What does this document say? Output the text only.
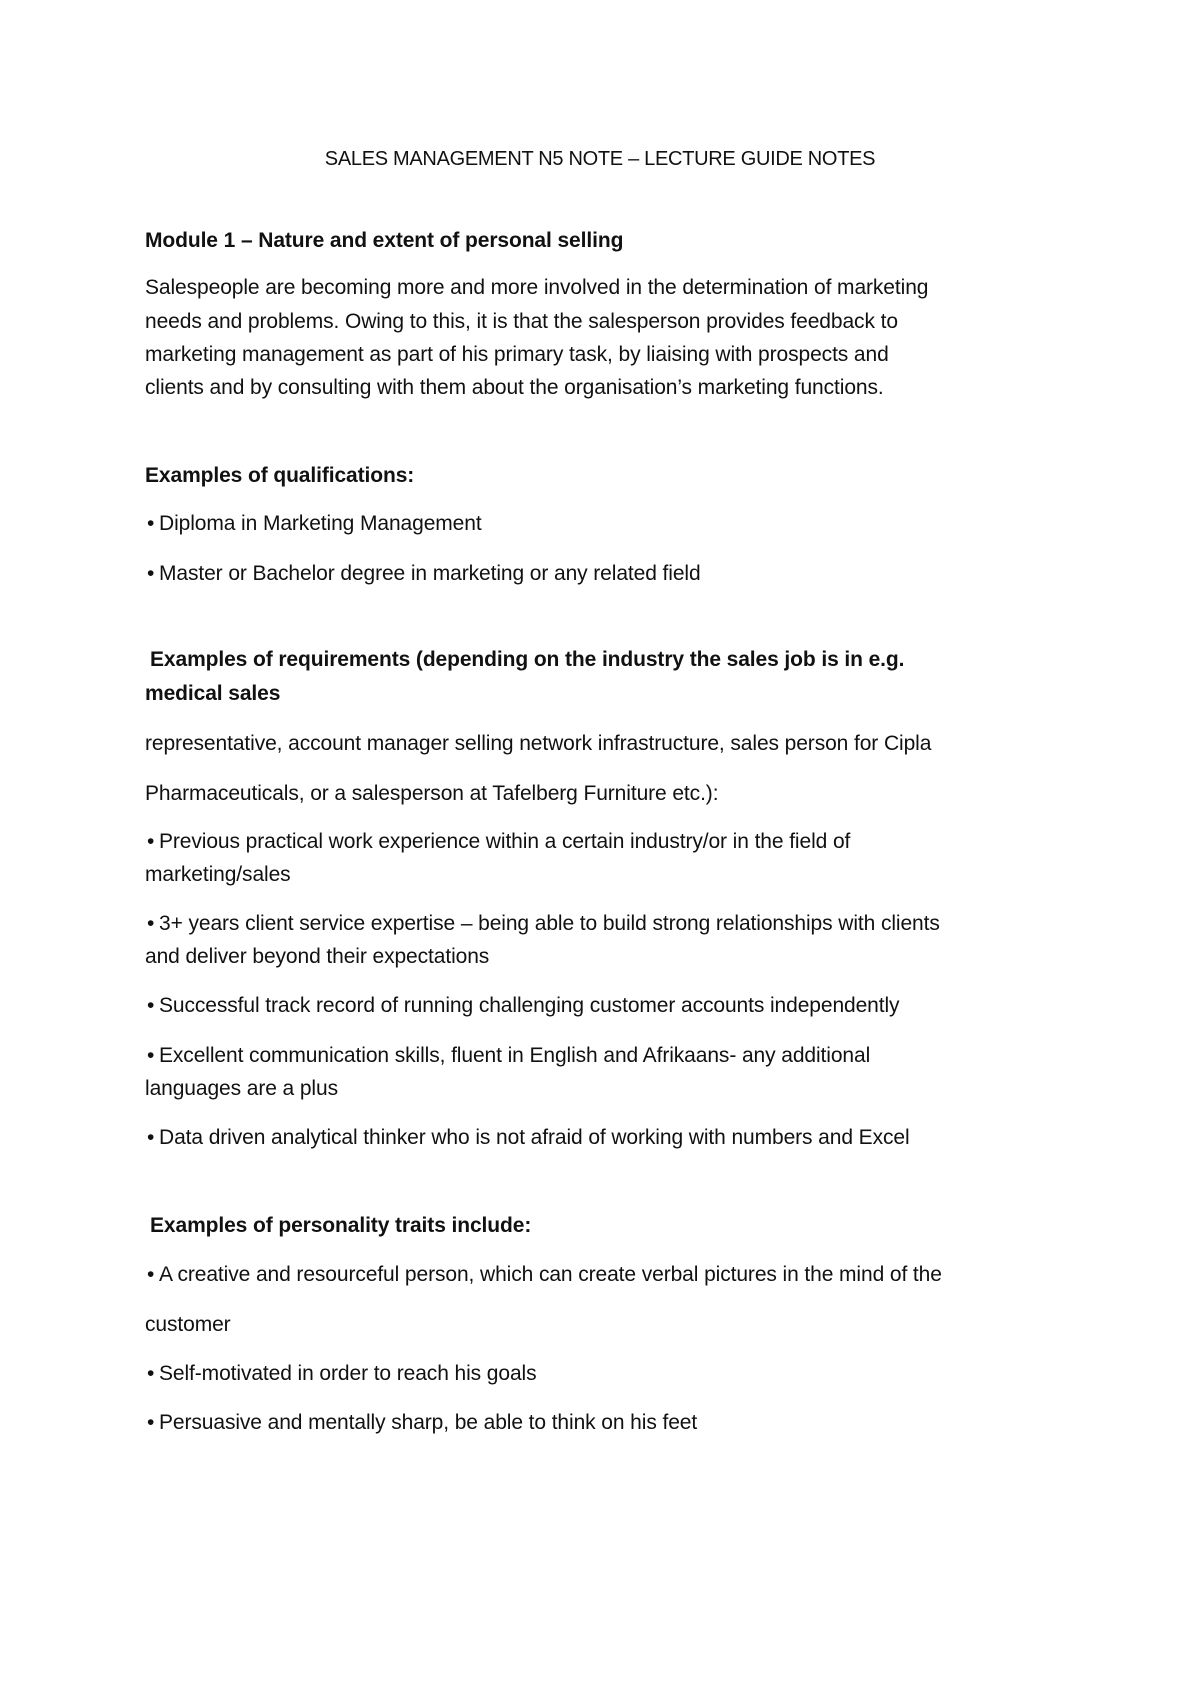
SALES MANAGEMENT N5 NOTE – LECTURE GUIDE NOTES
Module 1 – Nature and extent of personal selling
Salespeople are becoming more and more involved in the determination of marketing
needs and problems. Owing to this, it is that the salesperson provides feedback to
marketing management as part of his primary task, by liaising with prospects and
clients and by consulting with them about the organisation’s marketing functions.
Examples of qualifications:
• Diploma in Marketing Management
• Master or Bachelor degree in marketing or any related field
Examples of requirements (depending on the industry the sales job is in e.g.
medical sales
representative, account manager selling network infrastructure, sales person for Cipla
Pharmaceuticals, or a salesperson at Tafelberg Furniture etc.):
• Previous practical work experience within a certain industry/or in the field of
marketing/sales
• 3+ years client service expertise – being able to build strong relationships with clients
and deliver beyond their expectations
• Successful track record of running challenging customer accounts independently
• Excellent communication skills, fluent in English and Afrikaans- any additional
languages are a plus
• Data driven analytical thinker who is not afraid of working with numbers and Excel
Examples of personality traits include:
• A creative and resourceful person, which can create verbal pictures in the mind of the
customer
• Self-motivated in order to reach his goals
• Persuasive and mentally sharp, be able to think on his feet
